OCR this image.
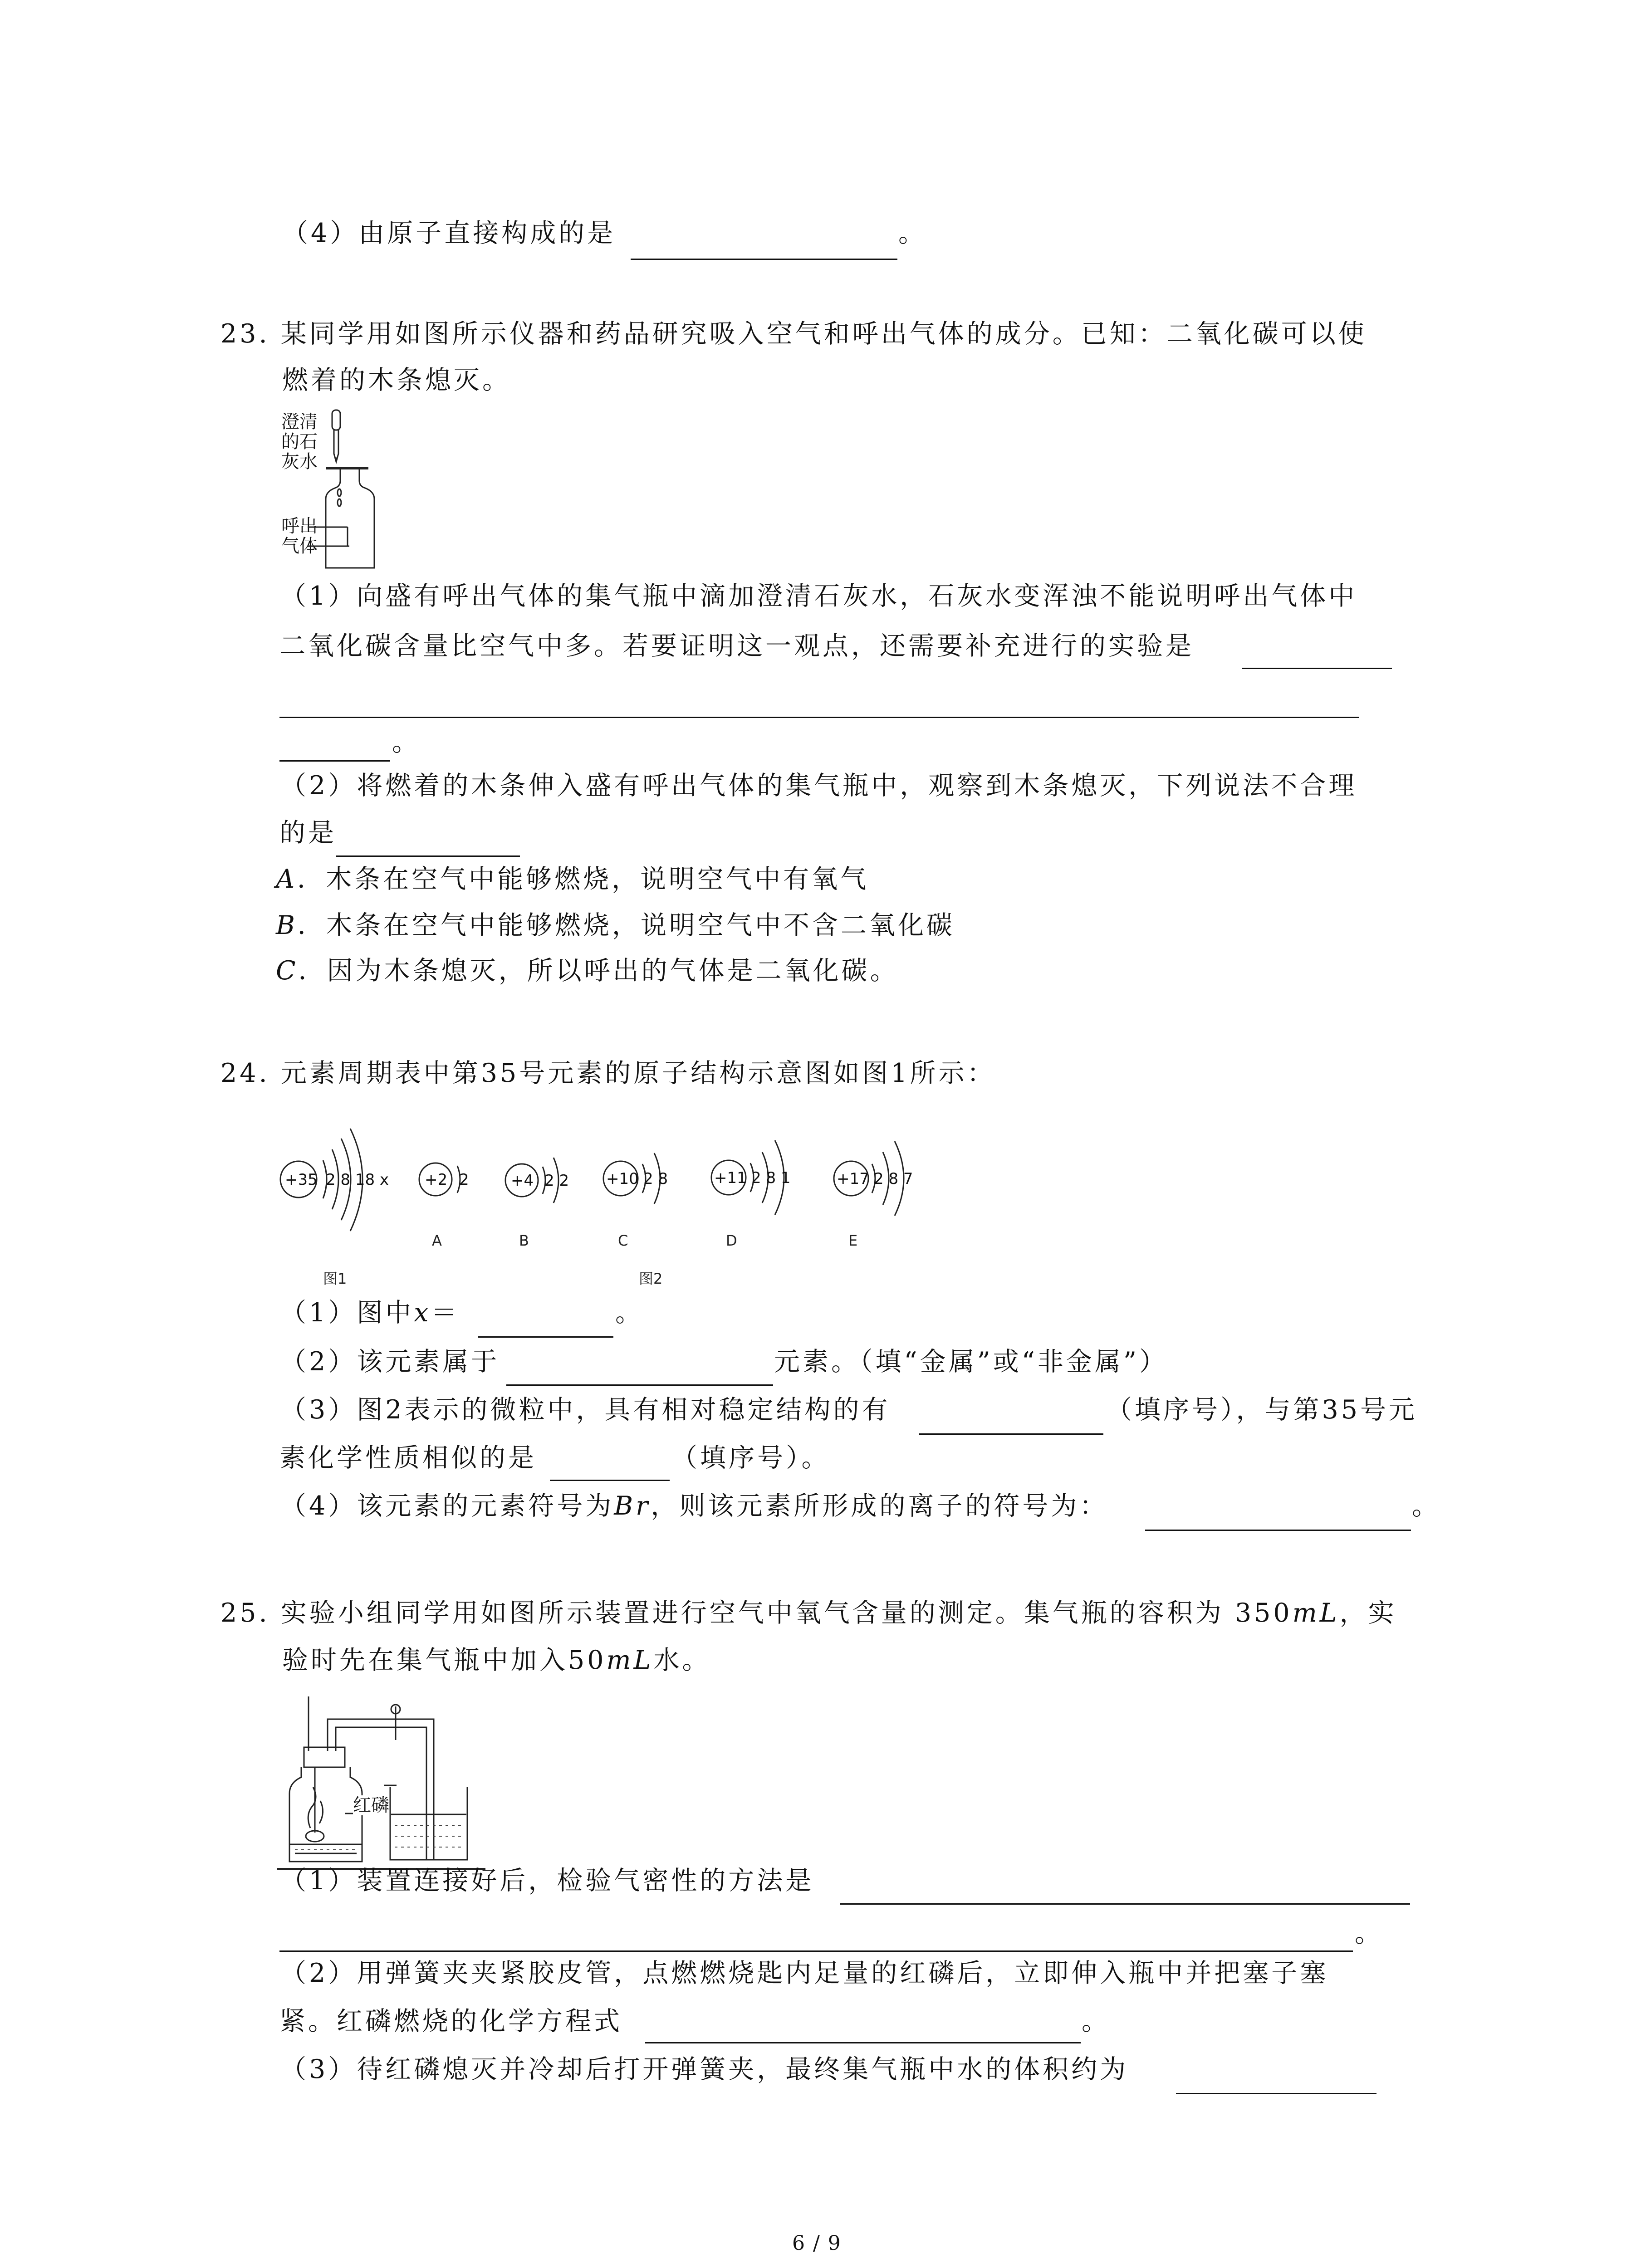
（4）由原子直接构成的是	。
23. 某同学用如图所示仪器和药品研究吸入空气和呼出气体的成分。已知：二氧化碳可以使
燃着的木条熄灭。
澄清
的石
灰水
呼出
气体
（1）向盛有呼出气体的集气瓶中滴加澄清石灰水，石灰水变浑浊不能说明呼出气体中
二氧化碳含量比空气中多。若要证明这一观点，还需要补充进行的实验是
。
（2）将燃着的木条伸入盛有呼出气体的集气瓶中，观察到木条熄灭，下列说法不合理
的是
A．木条在空气中能够燃烧，说明空气中有氧气
B．木条在空气中能够燃烧，说明空气中不含二氧化碳
C．因为木条熄灭，所以呼出的气体是二氧化碳。
24. 元素周期表中第35号元素的原子结构示意图如图1所示：
+35 2 8 18 x +2 2	+4 2 2 +10 2 8	+11 2 8 1	+17 2 8 7
A	B	C	D	E
图1	图2
（1）图中x＝	。
（2）该元素属于	元素。（填“金属”或“非金属”）
（3）图2表示的微粒中，具有相对稳定结构的有	（填序号），与第35号元
素化学性质相似的是	（填序号）。
（4）该元素的元素符号为Br，则该元素所形成的离子的符号为：	。
25. 实验小组同学用如图所示装置进行空气中氧气含量的测定。集气瓶的容积为 350mL，实
验时先在集气瓶中加入50mL水。
红磷
（1）装置连接好后，检验气密性的方法是
。
（2）用弹簧夹夹紧胶皮管，点燃燃烧匙内足量的红磷后，立即伸入瓶中并把塞子塞
紧。红磷燃烧的化学方程式	。
（3）待红磷熄灭并冷却后打开弹簧夹，最终集气瓶中水的体积约为
6 / 9
